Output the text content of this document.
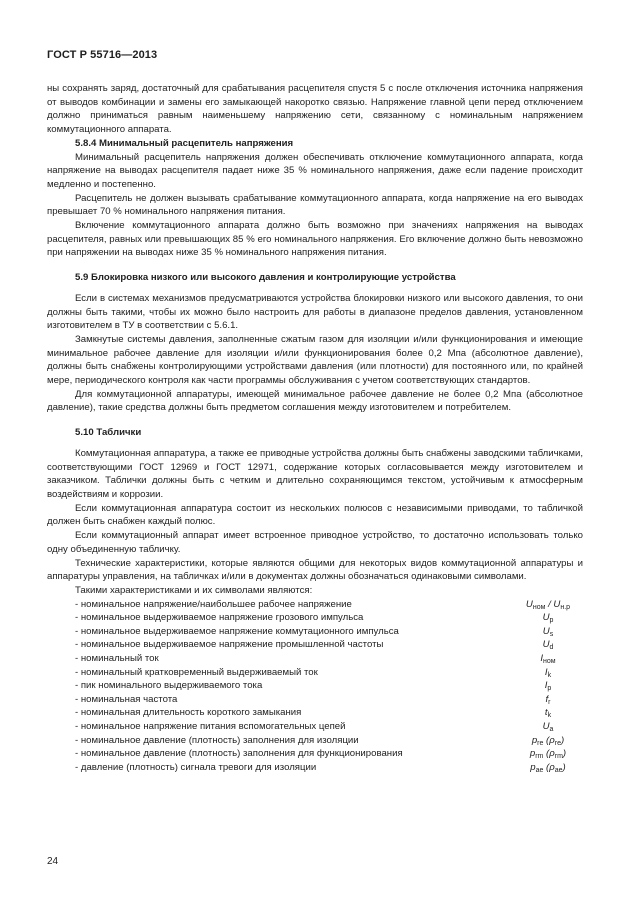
ГОСТ Р 55716—2013

ны сохранять заряд, достаточный для срабатывания расцепителя спустя 5 с после отключения источника напряжения от выводов комбинации и замены его замыкающей накоротко связью. Напряжение главной цепи перед отключением должно приниматься равным наименьшему напряжению сети, связанному с номинальным напряжением коммутационного аппарата.

5.8.4 Минимальный расцепитель напряжения

Минимальный расцепитель напряжения должен обеспечивать отключение коммутационного аппарата, когда напряжение на выводах расцепителя падает ниже 35 % номинального напряжения, даже если падение происходит медленно и постепенно.

Расцепитель не должен вызывать срабатывание коммутационного аппарата, когда напряжение на его выводах превышает 70 % номинального напряжения питания.

Включение коммутационного аппарата должно быть возможно при значениях напряжения на выводах расцепителя, равных или превышающих 85 % его номинального напряжения. Его включение должно быть невозможно при напряжении на выводах ниже 35 % номинального напряжения питания.

5.9 Блокировка низкого или высокого давления и контролирующие устройства

Если в системах механизмов предусматриваются устройства блокировки низкого или высокого давления, то они должны быть такими, чтобы их можно было настроить для работы в диапазоне пределов давления, установленном изготовителем в ТУ в соответствии с 5.6.1.

Замкнутые системы давления, заполненные сжатым газом для изоляции и/или функционирования и имеющие минимальное рабочее давление для изоляции и/или функционирования более 0,2 Мпа (абсолютное давление), должны быть снабжены контролирующими устройствами давления (или плотности) для постоянного или, по крайней мере, периодического контроля как части программы обслуживания с учетом соответствующих стандартов.

Для коммутационной аппаратуры, имеющей минимальное рабочее давление не более 0,2 Мпа (абсолютное давление), такие средства должны быть предметом соглашения между изготовителем и потребителем.

5.10 Таблички

Коммутационная аппаратура, а также ее приводные устройства должны быть снабжены заводскими табличками, соответствующими ГОСТ 12969 и ГОСТ 12971, содержание которых согласовывается между изготовителем и заказчиком. Таблички должны быть с четким и длительно сохраняющимся текстом, устойчивым к атмосферным воздействиям и коррозии.

Если коммутационная аппаратура состоит из нескольких полюсов с независимыми приводами, то табличкой должен быть снабжен каждый полюс.

Если коммутационный аппарат имеет встроенное приводное устройство, то достаточно использовать только одну объединенную табличку.

Технические характеристики, которые являются общими для некоторых видов коммутационной аппаратуры и аппаратуры управления, на табличках и/или в документах должны обозначаться одинаковыми символами.

Такими характеристиками и их символами являются:

- номинальное напряжение/наибольшее рабочее напряжение	$U_{ном} / U_{н.р}$
- номинальное выдерживаемое напряжение грозового импульса	$U_p$
- номинальное выдерживаемое напряжение коммутационного импульса	$U_s$
- номинальное выдерживаемое напряжение промышленной частоты	$U_d$
- номинальный ток	$I_{ном}$
- номинальный кратковременный выдерживаемый ток	$I_k$
- пик номинального выдерживаемого тока	$I_p$
- номинальная частота	$f_r$
- номинальная длительность короткого замыкания	$t_k$
- номинальное напряжение питания вспомогательных цепей	$U_a$
- номинальное давление (плотность) заполнения для изоляции	$p_{re}$ $(\rho_{re})$
- номинальное давление (плотность) заполнения для функционирования	$p_{rm}$ $(\rho_{rm})$
- давление (плотность) сигнала тревоги для изоляции	$p_{ae}$ $(\rho_{ae})$
24
